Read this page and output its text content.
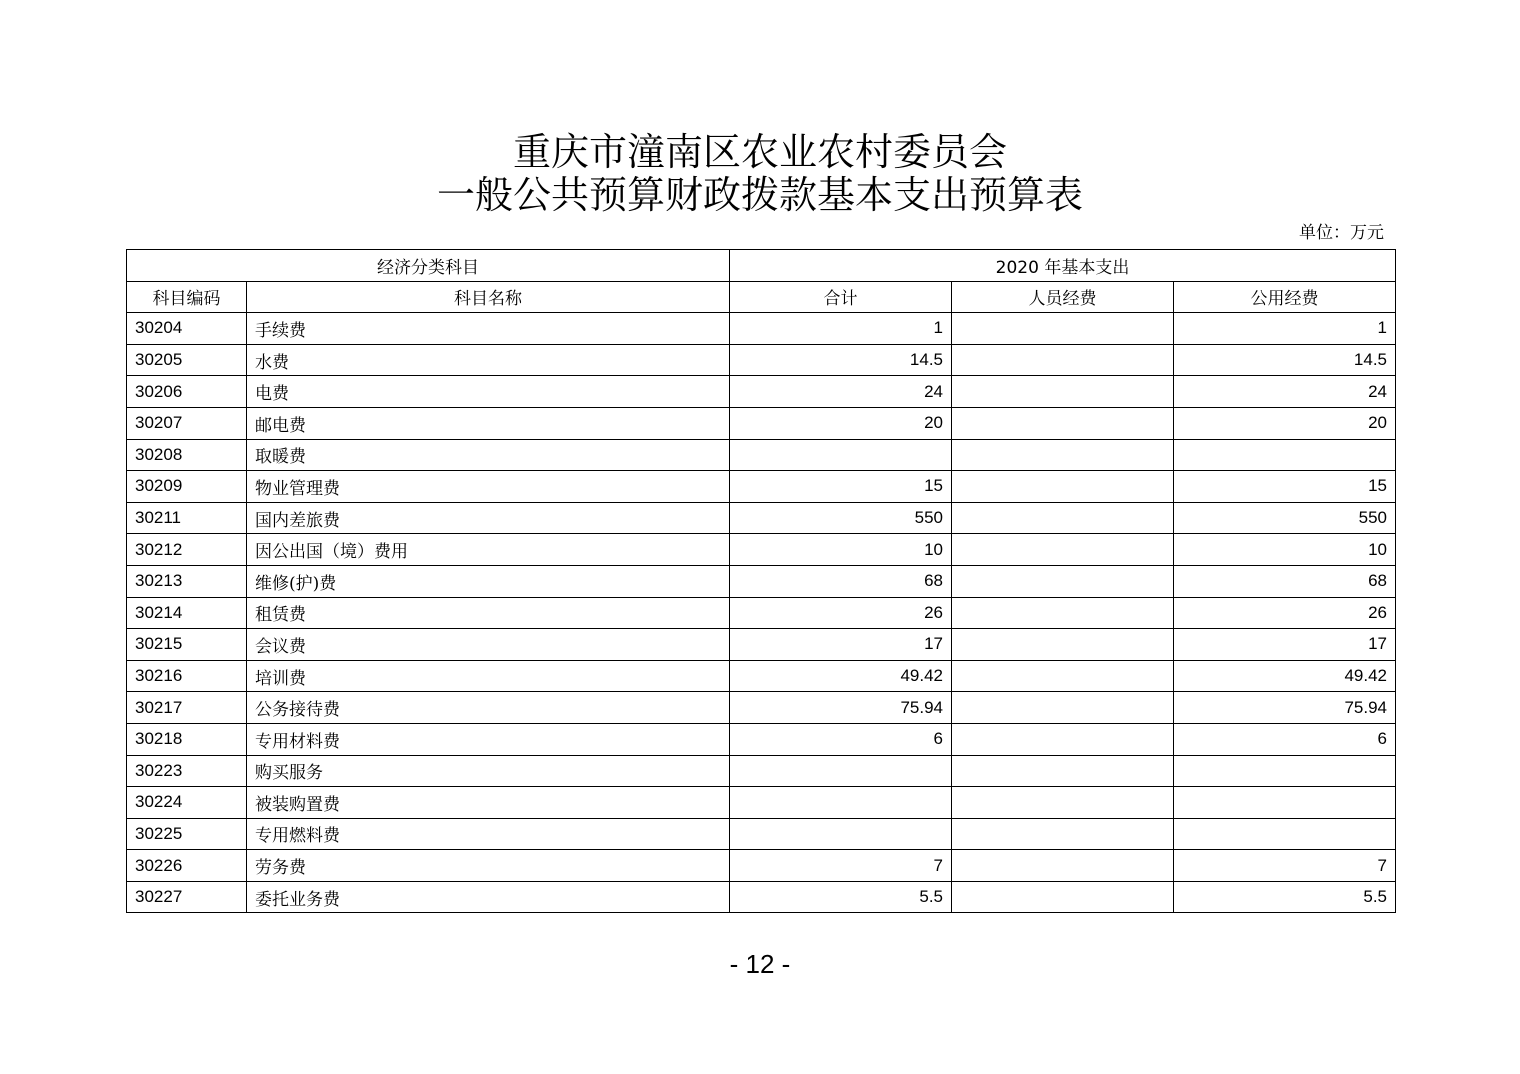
重庆市潼南区农业农村委员会
一般公共预算财政拨款基本支出预算表
单位：万元
经济分类科目		2020 年基本支出		
科目编码	科目名称	合计	人员经费	公用经费
30204	手续费	1		1
30205	水费	14.5		14.5
30206	电费	24		24
30207	邮电费	20		20
30208	取暖费			
30209	物业管理费	15		15
30211	国内差旅费	550		550
30212	因公出国（境）费用	10		10
30213	维修(护)费	68		68
30214	租赁费	26		26
30215	会议费	17		17
30216	培训费	49.42		49.42
30217	公务接待费	75.94		75.94
30218	专用材料费	6		6
30223	购买服务			
30224	被装购置费			
30225	专用燃料费			
30226	劳务费	7		7
30227	委托业务费	5.5		5.5
- 12 -
